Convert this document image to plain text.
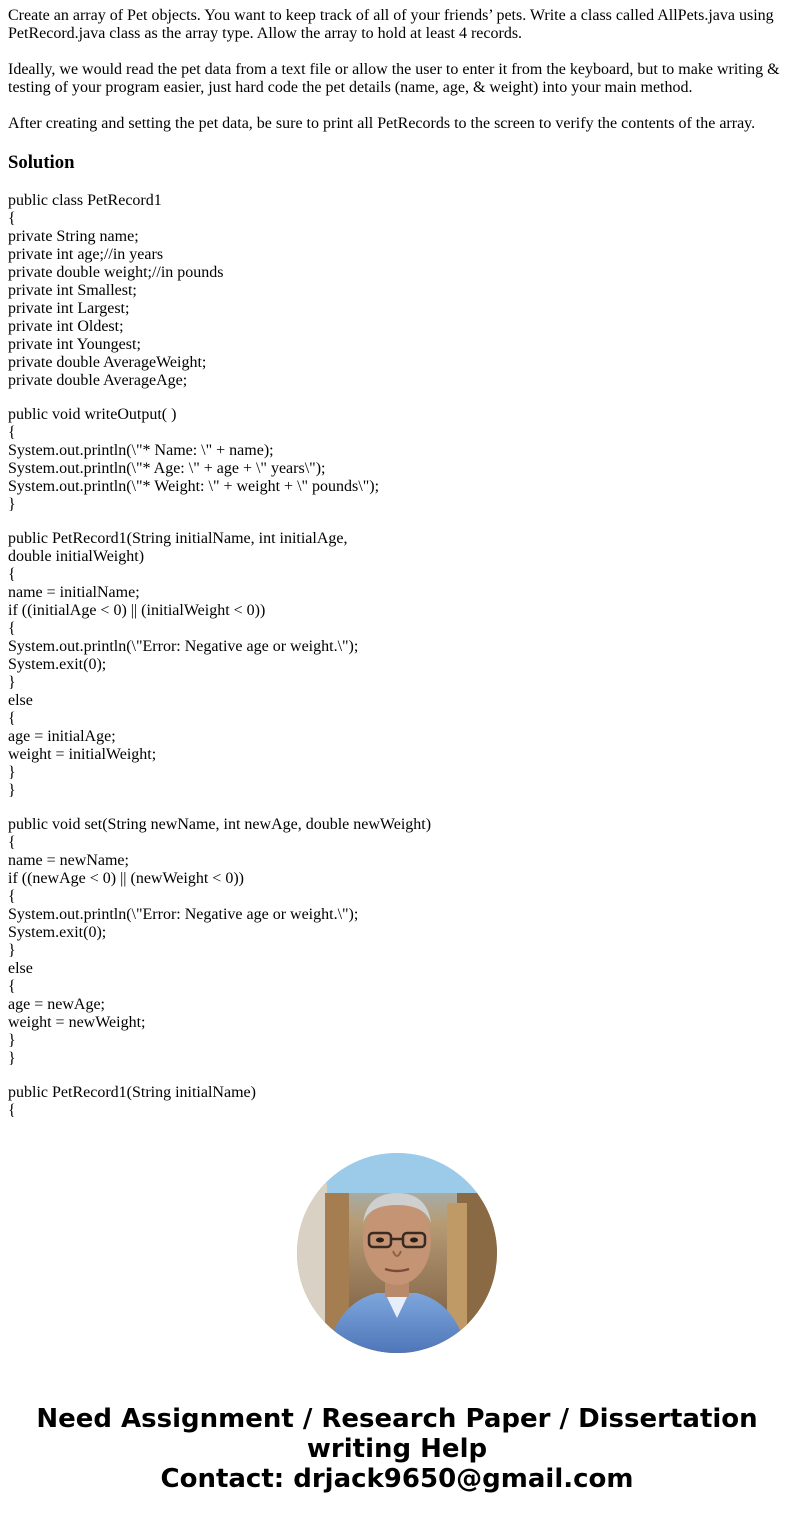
Create an array of Pet objects. You want to keep track of all of your friends’ pets. Write a class called AllPets.java using PetRecord.java class as the array type. Allow the array to hold at least 4 records.

Ideally, we would read the pet data from a text file or allow the user to enter it from the keyboard, but to make writing & testing of your program easier, just hard code the pet details (name, age, & weight) into your main method.

After creating and setting the pet data, be sure to print all PetRecords to the screen to verify the contents of the array.

Solution
public class PetRecord1
{
private String name;
private int age;//in years
private double weight;//in pounds
private int Smallest;
private int Largest;
private int Oldest;
private int Youngest;
private double AverageWeight;
private double AverageAge;
public void writeOutput( )
{
System.out.println(\"* Name: \" + name);
System.out.println(\"* Age: \" + age + \" years\");
System.out.println(\"* Weight: \" + weight + \" pounds\");
}
public PetRecord1(String initialName, int initialAge,
double initialWeight)
{
name = initialName;
if ((initialAge < 0) || (initialWeight < 0))
{
System.out.println(\"Error: Negative age or weight.\");
System.exit(0);
}
else
{
age = initialAge;
weight = initialWeight;
}
}
public void set(String newName, int newAge, double newWeight)
{
name = newName;
if ((newAge < 0) || (newWeight < 0))
{
System.out.println(\"Error: Negative age or weight.\");
System.exit(0);
}
else
{
age = newAge;
weight = newWeight;
}
}
public PetRecord1(String initialName)
{
Need Assignment / Research Paper / Dissertation
writing Help
Contact: drjack9650@gmail.com
